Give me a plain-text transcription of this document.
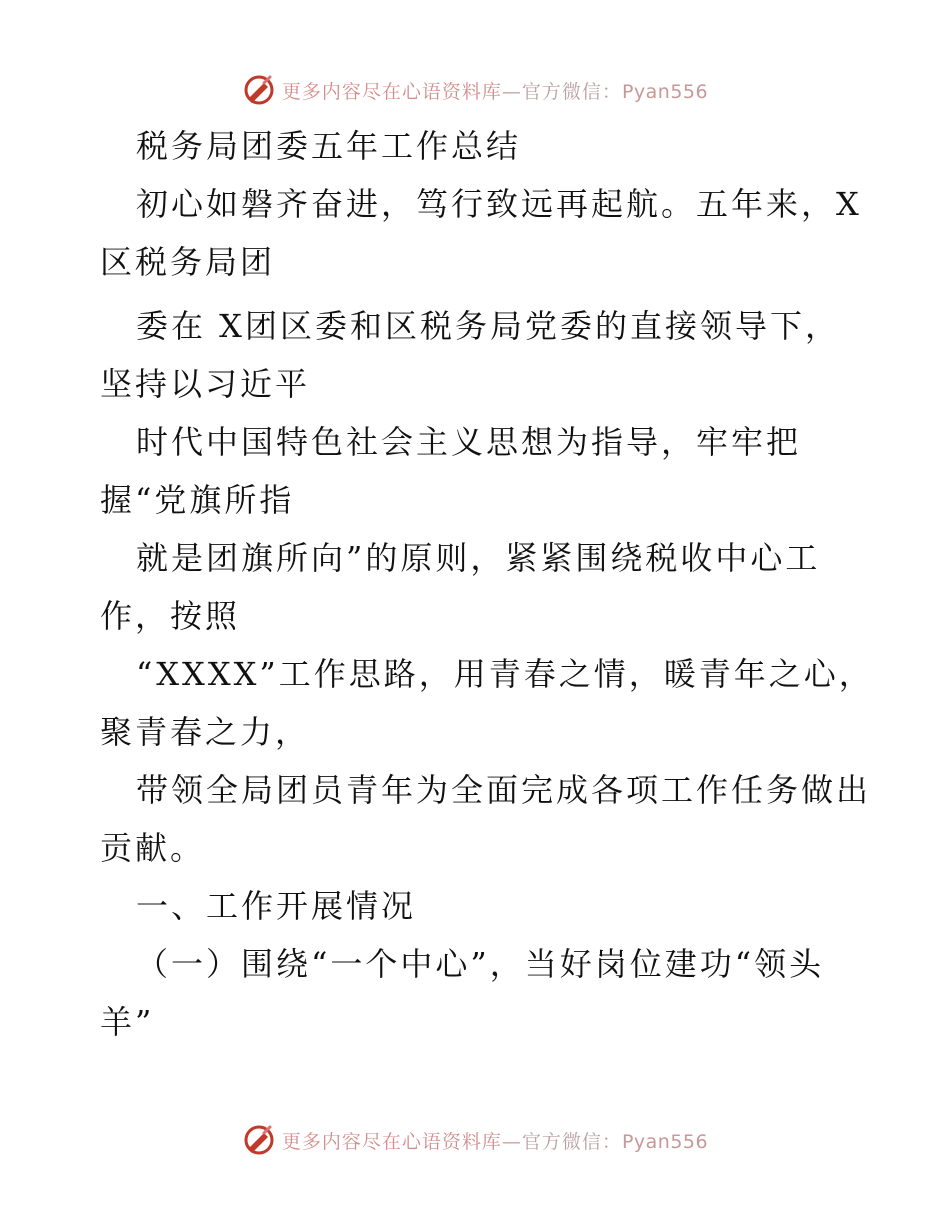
更多内容尽在心语资料库—官方微信：Pyan556
税务局团委五年工作总结
初心如磐齐奋进，笃行致远再起航。五年来，X
区税务局团
委在 X团区委和区税务局党委的直接领导下，
坚持以习近平
时代中国特色社会主义思想为指导，牢牢把
握“党旗所指
就是团旗所向”的原则，紧紧围绕税收中心工
作，按照
“XXXX”工作思路，用青春之情，暖青年之心，
聚青春之力，
带领全局团员青年为全面完成各项工作任务做出
贡献。
一、工作开展情况
（一）围绕“一个中心”，当好岗位建功“领头
羊”
更多内容尽在心语资料库—官方微信：Pyan556
